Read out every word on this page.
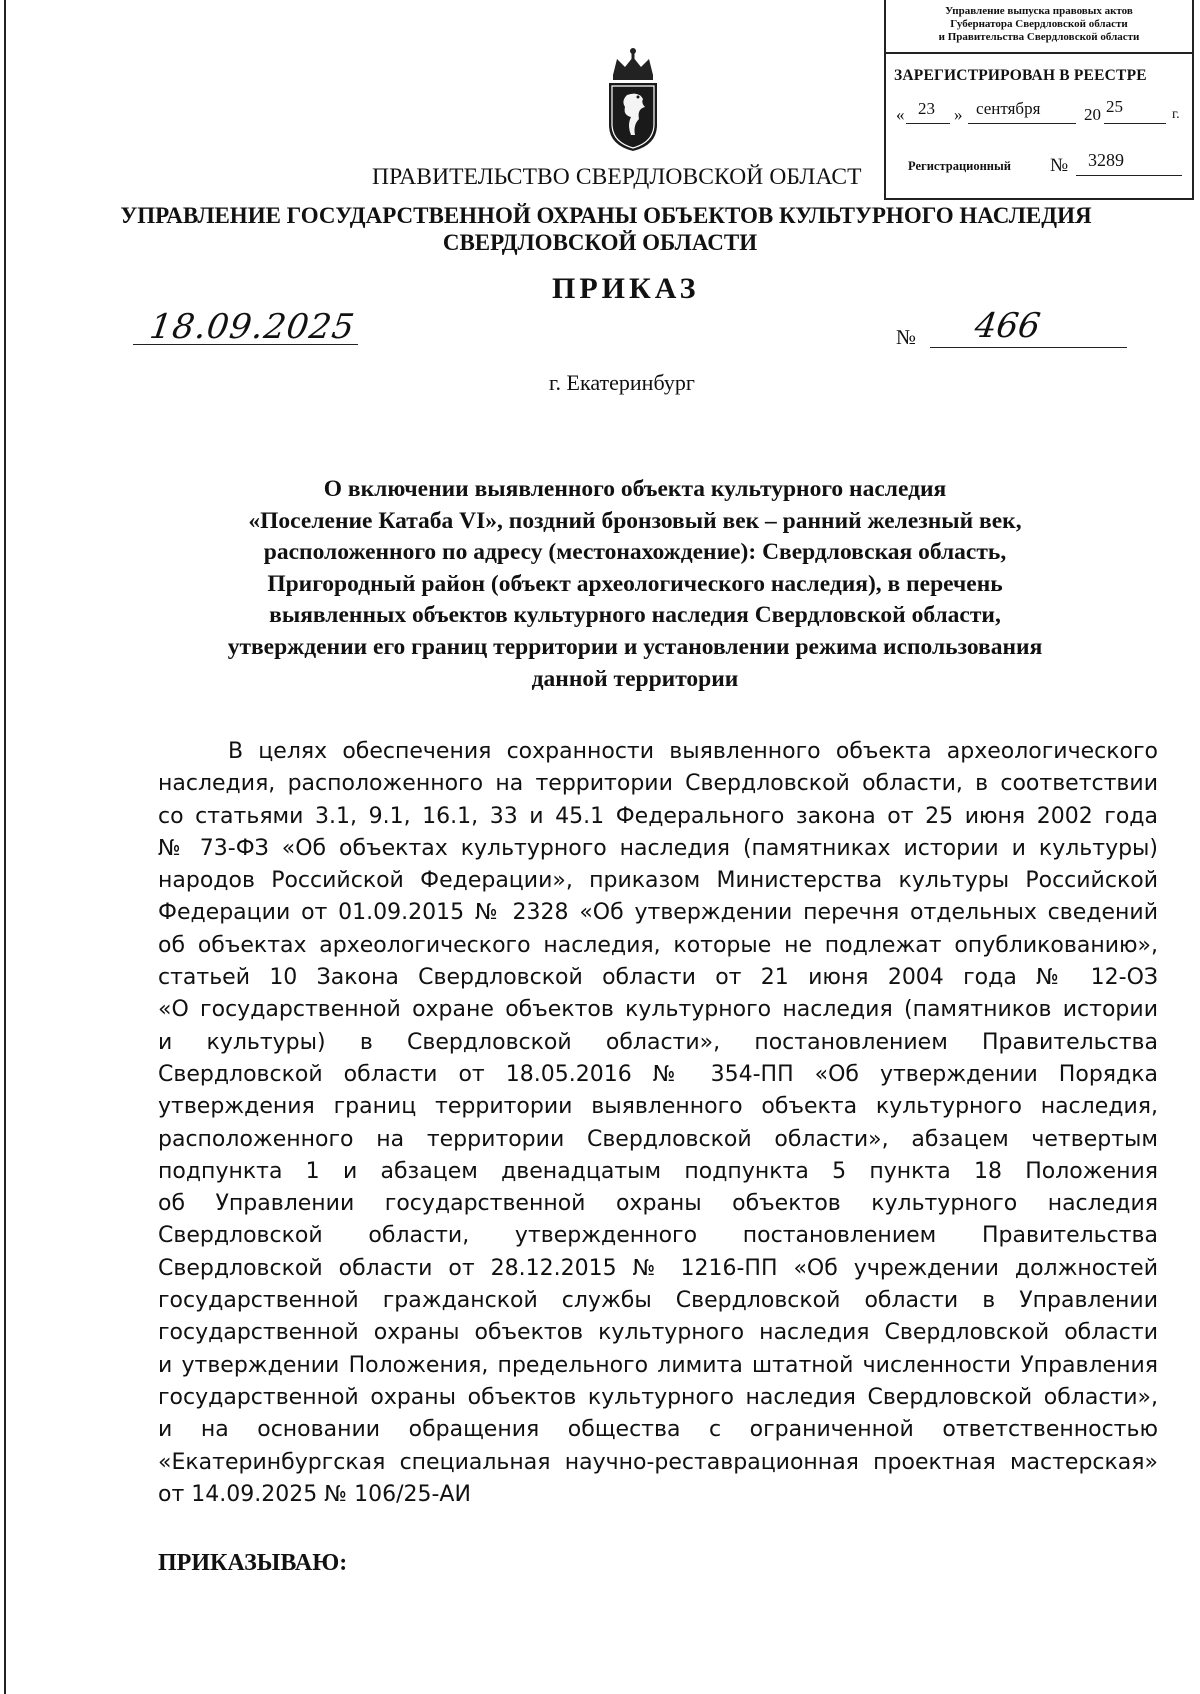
Управление выпуска правовых актов
Губернатора Свердловской области
и Правительства Свердловской области
ЗАРЕГИСТРИРОВАН В РЕЕСТРЕ
« 23 » сентября	20 25	г.
Регистрационный № 3289
ПРАВИТЕЛЬСТВО СВЕРДЛОВСКОЙ ОБЛАСТ
УПРАВЛЕНИЕ ГОСУДАРСТВЕННОЙ ОХРАНЫ ОБЪЕКТОВ КУЛЬТУРНОГО НАСЛЕДИЯ
СВЕРДЛОВСКОЙ ОБЛАСТИ
ПРИКАЗ
18.09.2025	№ 466
г. Екатеринбург
О включении выявленного объекта культурного наследия
«Поселение Катаба VI», поздний бронзовый век – ранний железный век,
расположенного по адресу (местонахождение): Свердловская область,
Пригородный район (объект археологического наследия), в перечень
выявленных объектов культурного наследия Свердловской области,
утверждении его границ территории и установлении режима использования
данной территории
В целях обеспечения сохранности выявленного объекта археологического
наследия, расположенного на территории Свердловской области, в соответствии
со статьями 3.1, 9.1, 16.1, 33 и 45.1 Федерального закона от 25 июня 2002 года
№ 73-ФЗ «Об объектах культурного наследия (памятниках истории и культуры)
народов Российской Федерации», приказом Министерства культуры Российской
Федерации от 01.09.2015 № 2328 «Об утверждении перечня отдельных сведений
об объектах археологического наследия, которые не подлежат опубликованию»,
статьей 10 Закона Свердловской области от 21 июня 2004 года № 12-ОЗ
«О государственной охране объектов культурного наследия (памятников истории
и культуры) в Свердловской области», постановлением Правительства
Свердловской области от 18.05.2016 № 354-ПП «Об утверждении Порядка
утверждения границ территории выявленного объекта культурного наследия,
расположенного на территории Свердловской области», абзацем четвертым
подпункта 1 и абзацем двенадцатым подпункта 5 пункта 18 Положения
об Управлении государственной охраны объектов культурного наследия
Свердловской области, утвержденного постановлением Правительства
Свердловской области от 28.12.2015 № 1216-ПП «Об учреждении должностей
государственной гражданской службы Свердловской области в Управлении
государственной охраны объектов культурного наследия Свердловской области
и утверждении Положения, предельного лимита штатной численности Управления
государственной охраны объектов культурного наследия Свердловской области»,
и на основании обращения общества с ограниченной ответственностью
«Екатеринбургская специальная научно-реставрационная проектная мастерская»
от 14.09.2025 № 106/25-АИ
ПРИКАЗЫВАЮ:
